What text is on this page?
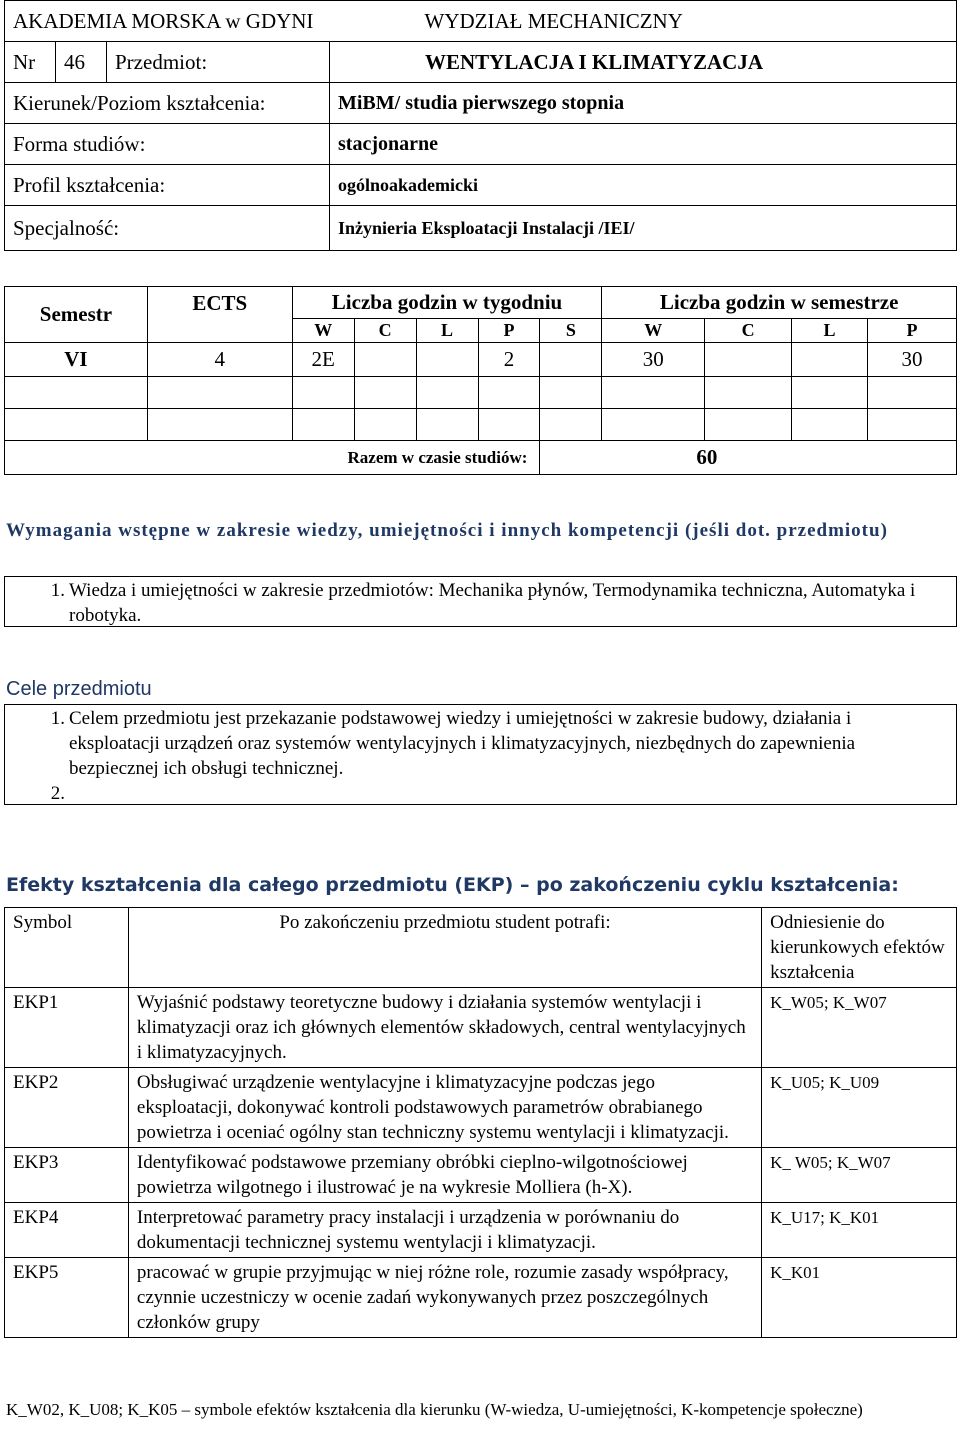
AKADEMIA MORSKA w GDYNI			WYDZIAŁ MECHANICZNY
Nr	46	Przedmiot:	WENTYLACJA I KLIMATYZACJA
Kierunek/Poziom kształcenia:			MiBM/ studia pierwszego stopnia
Forma studiów:			stacjonarne
Profil kształcenia:			ogólnoakademicki
Specjalność:			Inżynieria Eksploatacji Instalacji /IEI/
Semestr	ECTS	Liczba godzin w tygodniu					Liczba godzin w semestrze			
		W	C	L	P	S	W	C	L	P
VI	4	2E			2		30			30

Razem w czasie studiów:						60				
Wymagania wstępne w zakresie wiedzy, umiejętności i innych kompetencji (jeśli dot. przedmiotu)
1. Wiedza i umiejętności w zakresie przedmiotów: Mechanika płynów, Termodynamika techniczna, Automatyka i robotyka.
Cele przedmiotu
1. Celem przedmiotu jest przekazanie podstawowej wiedzy i umiejętności w zakresie budowy, działania i eksploatacji urządzeń oraz systemów wentylacyjnych i klimatyzacyjnych, niezbędnych do zapewnienia bezpiecznej ich obsługi technicznej.
2.
Efekty kształcenia dla całego przedmiotu (EKP) – po zakończeniu cyklu kształcenia:
Symbol	Po zakończeniu przedmiotu student potrafi:	Odniesienie do kierunkowych efektów kształcenia
EKP1	Wyjaśnić podstawy teoretyczne budowy i działania systemów wentylacji i klimatyzacji oraz ich głównych elementów składowych, central wentylacyjnych i klimatyzacyjnych.	K_W05; K_W07
EKP2	Obsługiwać urządzenie wentylacyjne i klimatyzacyjne podczas jego eksploatacji, dokonywać kontroli podstawowych parametrów obrabianego powietrza i oceniać ogólny stan techniczny systemu wentylacji i klimatyzacji.	K_U05; K_U09
EKP3	Identyfikować podstawowe przemiany obróbki cieplno-wilgotnościowej powietrza wilgotnego i ilustrować je na wykresie Molliera (h-X).	K_ W05; K_W07
EKP4	Interpretować parametry pracy instalacji i urządzenia w porównaniu do dokumentacji technicznej systemu wentylacji i klimatyzacji.	K_U17; K_K01
EKP5	pracować w grupie przyjmując w niej różne role, rozumie zasady współpracy, czynnie uczestniczy w ocenie zadań wykonywanych przez poszczególnych członków grupy	K_K01
K_W02, K_U08; K_K05 – symbole efektów kształcenia dla kierunku (W-wiedza, U-umiejętności, K-kompetencje społeczne)
